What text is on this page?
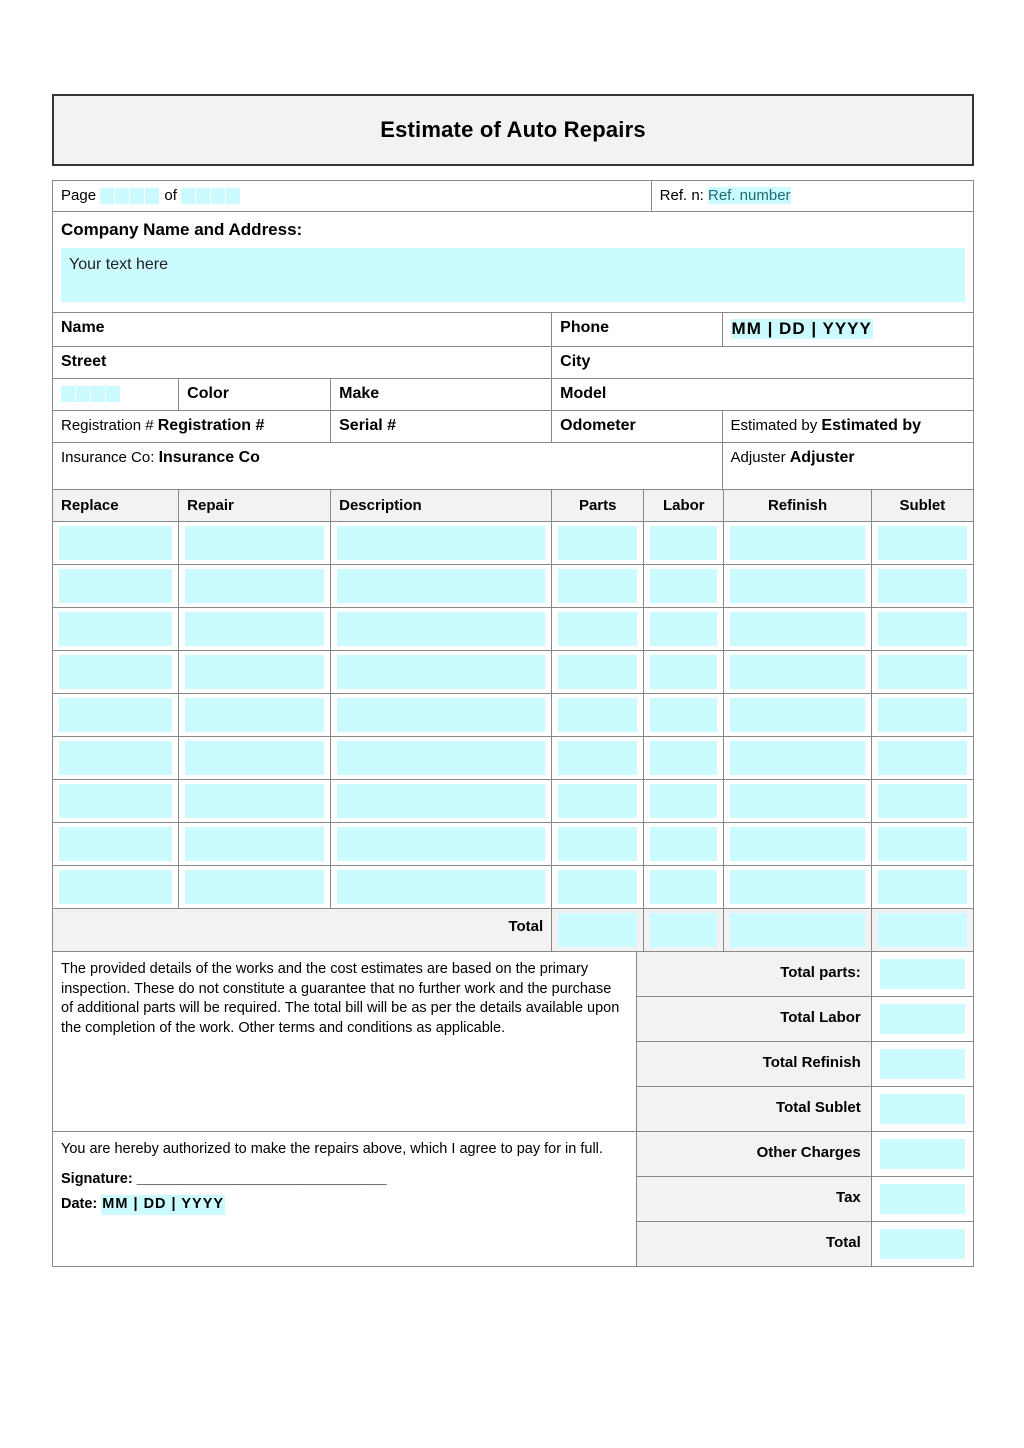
Estimate of Auto Repairs
Page	of	Ref. n: Ref. number
Company Name and Address:
Your text here
Name			Phone	MM | DD | YYYY

Street			City	

	Color	Make	Model	

Registration # Registration #		Serial #	Odometer	Estimated by Estimated by

Insurance Co: Insurance Co				Adjuster Adjuster
Replace	Repair	Description	Parts	Labor	Refinish	Sublet

Total						

The provided details of the works and the cost estimates are based on the primary inspection. These do not constitute a guarantee that no further work and the purchase of additional parts will be required. The total bill will be as per the details available upon the completion of the work. Other terms and conditions as applicable.	Total parts:	

	Total Labor	

	Total Refinish	

	Total Sublet	

You are hereby authorized to make the repairs above, which I agree to pay for in full.
Signature: _______________________________
Date: MM | DD | YYYY	Other Charges	

	Tax	

	Total	
